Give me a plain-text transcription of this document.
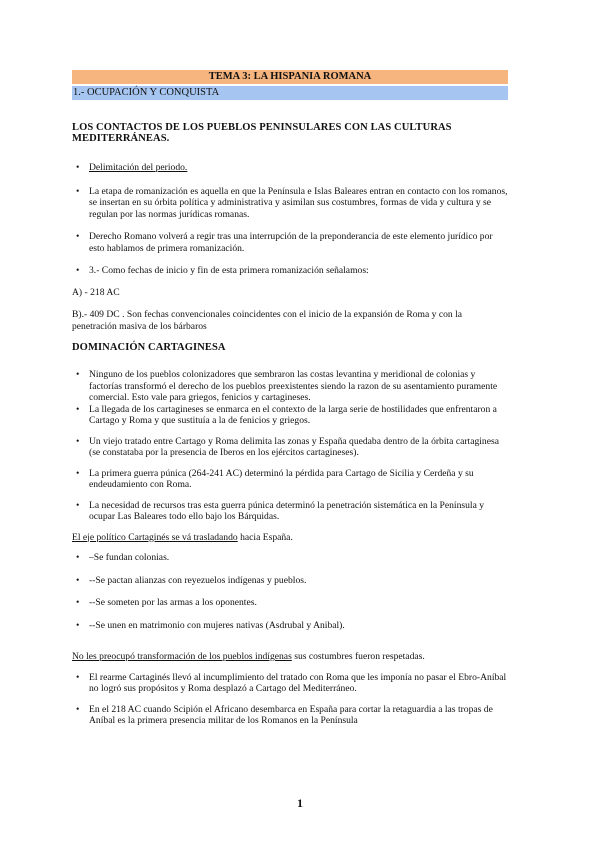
TEMA 3: LA HISPANIA ROMANA
1.- OCUPACIÓN Y CONQUISTA

LOS CONTACTOS DE LOS PUEBLOS PENINSULARES CON LAS CULTURAS MEDITERRÁNEAS.

• Delimitación del periodo.
• La etapa de romanización es aquella en que la Península e Islas Baleares entran en contacto con los romanos, se insertan en su órbita política y administrativa y asimilan sus costumbres, formas de vida y cultura y se regulan por las normas jurídicas romanas.
• Derecho Romano volverá a regir tras una interrupción de la preponderancia de este elemento jurídico por esto hablamos de primera romanización.
• 3.- Como fechas de inicio y fin de esta primera romanización señalamos:

A) - 218 AC

B).- 409 DC . Son fechas convencionales coincidentes con el inicio de la expansión de Roma y con la penetración masiva de los bárbaros

DOMINACIÓN CARTAGINESA

• Ninguno de los pueblos colonizadores que sembraron las costas levantina y meridional de colonias y factorías transformó el derecho de los pueblos preexistentes siendo la razon de su asentamiento puramente comercial. Esto vale para griegos, fenicios y cartagineses.
• La llegada de los cartagineses se enmarca en el contexto de la larga serie de hostilidades que enfrentaron a Cartago y Roma y que sustituía a la de fenicios y griegos.
• Un viejo tratado entre Cartago y Roma delimita las zonas y España quedaba dentro de la órbita cartaginesa (se constataba por la presencia de Iberos en los ejércitos cartagineses).
• La primera guerra púnica (264-241 AC) determinó la pérdida para Cartago de Sicilia y Cerdeña y su endeudamiento con Roma.
• La necesidad de recursos tras esta guerra púnica determinó la penetración sistemática en la Península y ocupar Las Baleares todo ello bajo los Bárquidas.

El eje político Cartaginés se vá trasladando hacia España.

• –Se fundan colonias.
• --Se pactan alianzas con reyezuelos indígenas y pueblos.
• --Se someten por las armas a los oponentes.
• --Se unen en matrimonio con mujeres nativas (Asdrubal y Anibal).

No les preocupó transformación de los pueblos indígenas sus costumbres fueron respetadas.

• El rearme Cartaginés llevó al incumplimiento del tratado con Roma que les imponía no pasar el Ebro-Aníbal no logró sus propósitos y Roma desplazó a Cartago del Mediterráneo.
• En el 218 AC cuando Scipión el Africano desembarca en España para cortar la retaguardia a las tropas de Aníbal es la primera presencia militar de los Romanos en la Península
1
